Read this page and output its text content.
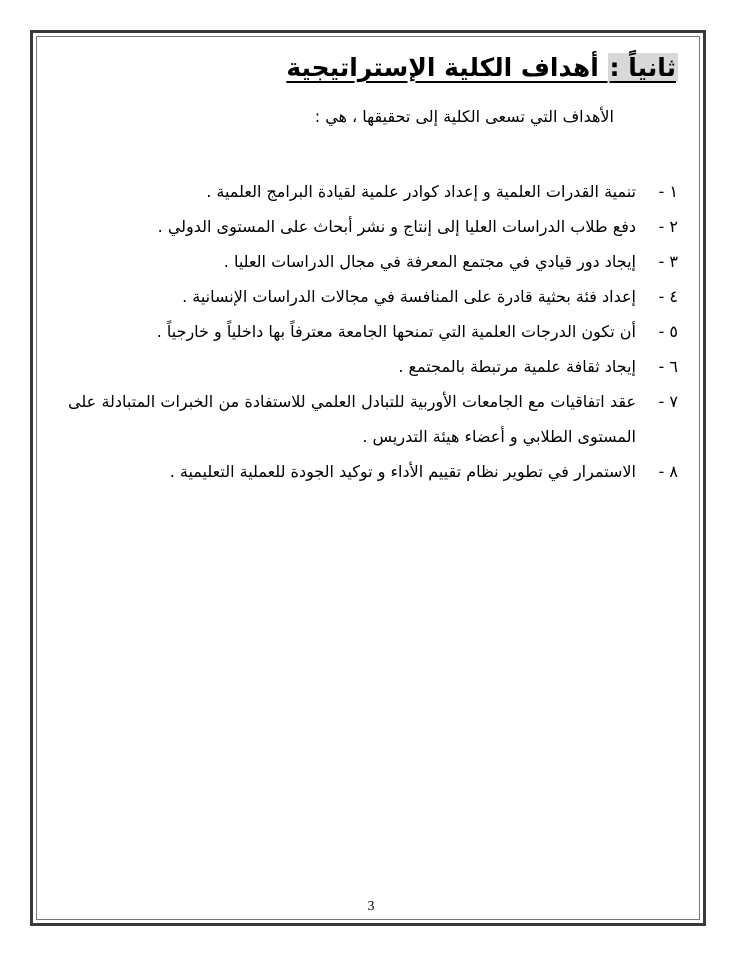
ثانياً : أهداف الكلية الإستراتيجية
الأهداف التي تسعى الكلية إلى تحقيقها ، هي :
١ -
تنمية القدرات العلمية و إعداد كوادر علمية لقيادة البرامج العلمية .
٢ -
دفع طلاب الدراسات العليا إلى إنتاج و نشر أبحاث على المستوى الدولي .
٣ -
إيجاد دور قيادي في مجتمع المعرفة في مجال الدراسات العليا .
٤ -
إعداد فئة بحثية قادرة على المنافسة في مجالات الدراسات الإنسانية .
٥ -
أن تكون الدرجات العلمية التي تمنحها الجامعة معترفاً بها داخلياً و خارجياً .
٦ -
إيجاد ثقافة علمية مرتبطة بالمجتمع .
٧ -
عقد اتفاقيات مع الجامعات الأوربية للتبادل العلمي للاستفادة من الخبرات المتبادلة على المستوى الطلابي و أعضاء هيئة التدريس .
٨ -
الاستمرار في تطوير نظام تقييم الأداء و توكيد الجودة للعملية التعليمية .
3
